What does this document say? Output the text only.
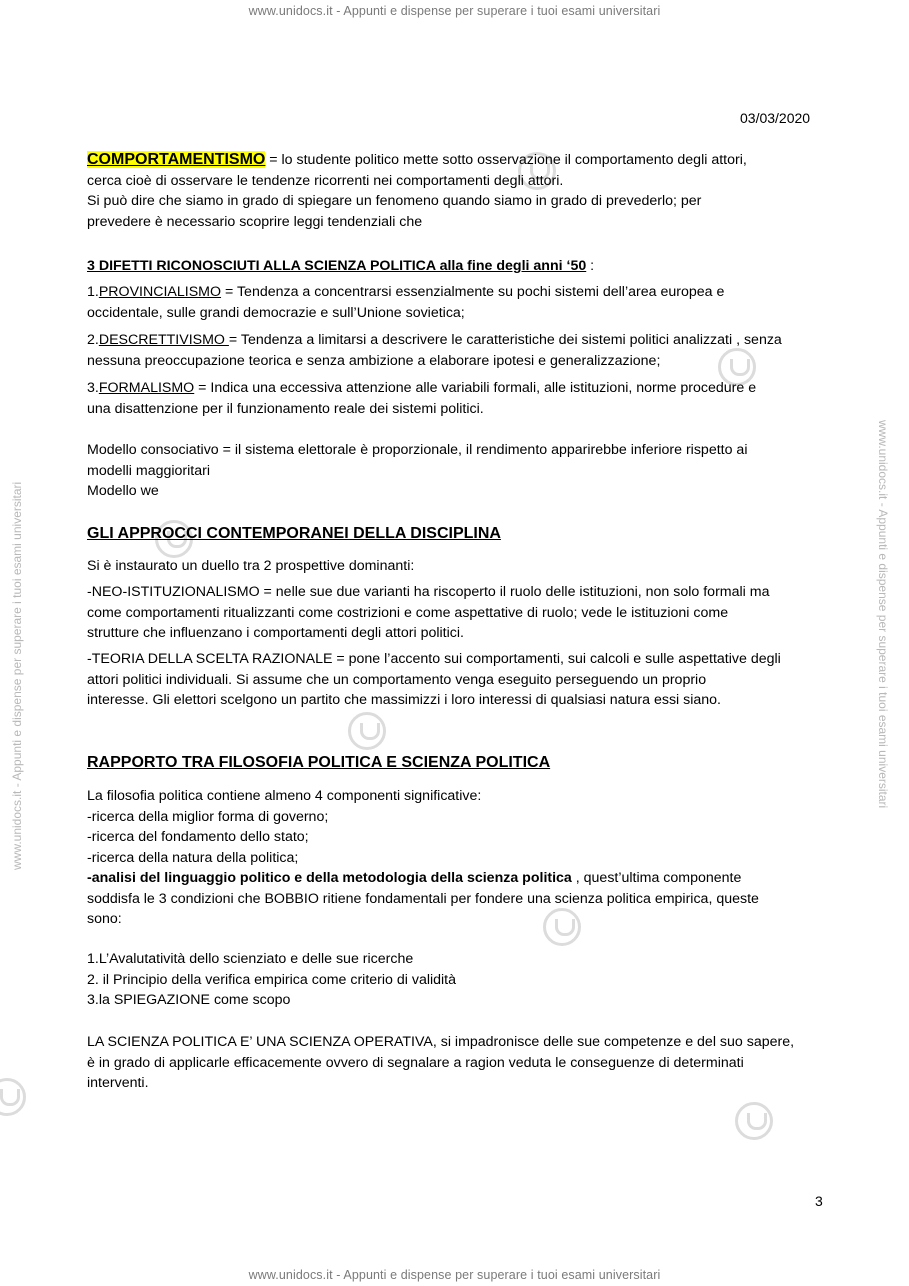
www.unidocs.it - Appunti e dispense per superare i tuoi esami universitari
www.unidocs.it - Appunti e dispense per superare i tuoi esami universitari
www.unidocs.it - Appunti e dispense per superare i tuoi esami universitari	www.unidocs.it - Appunti e dispense per superare i tuoi esami universitari
03/03/2020

COMPORTAMENTISMO = lo studente politico mette sotto osservazione il comportamento degli attori,

cerca cioè di osservare le tendenze ricorrenti nei comportamenti degli attori.

Si può dire che siamo in grado di spiegare un fenomeno quando siamo in grado di prevederlo; per

prevedere è necessario scoprire leggi tendenziali che

3 DIFETTI RICONOSCIUTI ALLA SCIENZA POLITICA alla fine degli anni ‘50 :

1.PROVINCIALISMO = Tendenza a concentrarsi essenzialmente su pochi sistemi dell’area europea e

occidentale, sulle grandi democrazie e sull’Unione sovietica;

2.DESCRETTIVISMO = Tendenza a limitarsi a descrivere le caratteristiche dei sistemi politici analizzati , senza

nessuna preoccupazione teorica e senza ambizione a elaborare ipotesi e generalizzazione;

3.FORMALISMO = Indica una eccessiva attenzione alle variabili formali, alle istituzioni, norme procedure e

una disattenzione per il funzionamento reale dei sistemi politici.

Modello consociativo = il sistema elettorale è proporzionale, il rendimento apparirebbe inferiore rispetto ai

modelli maggioritari

Modello we

GLI APPROCCI CONTEMPORANEI DELLA DISCIPLINA

Si è instaurato un duello tra 2 prospettive dominanti:

-NEO-ISTITUZIONALISMO = nelle sue due varianti ha riscoperto il ruolo delle istituzioni, non solo formali ma

come comportamenti ritualizzanti come costrizioni e come aspettative di ruolo; vede le istituzioni come

strutture che influenzano i comportamenti degli attori politici.

-TEORIA DELLA SCELTA RAZIONALE = pone l’accento sui comportamenti, sui calcoli e sulle aspettative degli

attori politici individuali. Si assume che un comportamento venga eseguito perseguendo un proprio

interesse. Gli elettori scelgono un partito che massimizzi i loro interessi di qualsiasi natura essi siano.

RAPPORTO TRA FILOSOFIA POLITICA E SCIENZA POLITICA

La filosofia politica contiene almeno 4 componenti significative:

-ricerca della miglior forma di governo;

-ricerca del fondamento dello stato;

-ricerca della natura della politica;

-analisi del linguaggio politico e della metodologia della scienza politica , quest’ultima componente

soddisfa le 3 condizioni che BOBBIO ritiene fondamentali per fondere una scienza politica empirica, queste

sono:

1.L’Avalutatività dello scienziato e delle sue ricerche

2. il Principio della verifica empirica come criterio di validità

3.la SPIEGAZIONE come scopo

LA SCIENZA POLITICA E’ UNA SCIENZA OPERATIVA, si impadronisce delle sue competenze e del suo sapere,

è in grado di applicarle efficacemente ovvero di segnalare a ragion veduta le conseguenze di determinati

interventi.

3
